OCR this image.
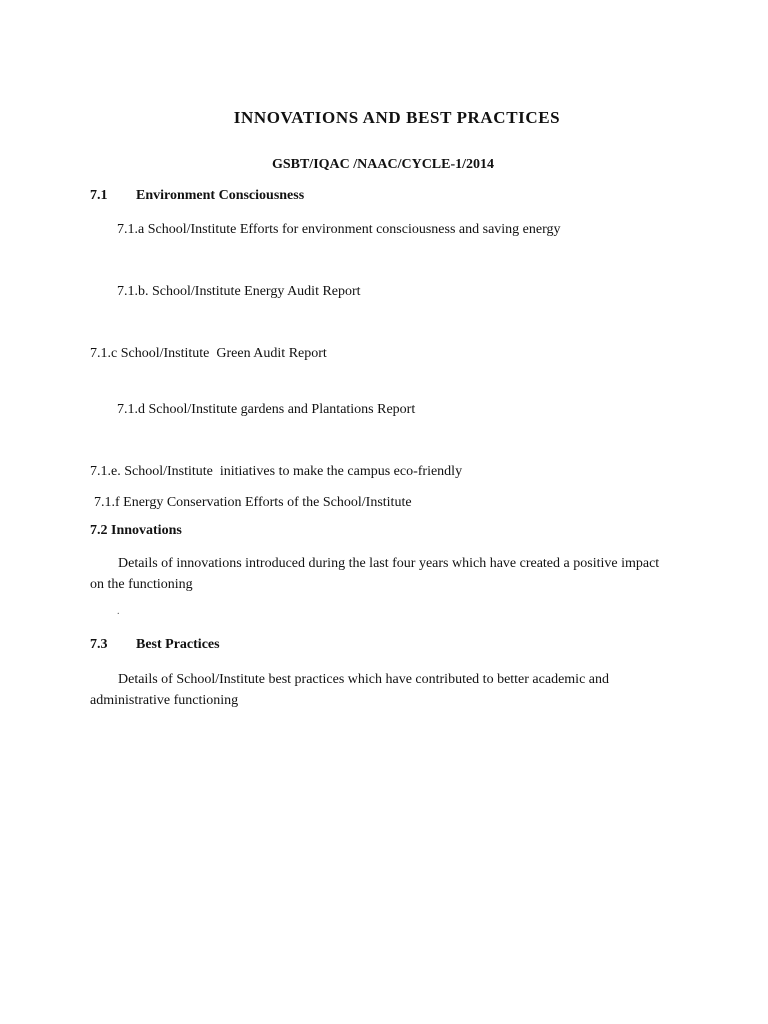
INNOVATIONS AND BEST PRACTICES
GSBT/IQAC /NAAC/CYCLE-1/2014
7.1 Environment Consciousness
7.1.a School/Institute Efforts for environment consciousness and saving energy
7.1.b. School/Institute Energy Audit Report
7.1.c School/Institute  Green Audit Report
7.1.d School/Institute gardens and Plantations Report
7.1.e. School/Institute  initiatives to make the campus eco-friendly
7.1.f Energy Conservation Efforts of the School/Institute
7.2 Innovations
Details of innovations introduced during the last four years which have created a positive impact on the functioning
.
7.3 Best Practices
Details of School/Institute best practices which have contributed to better academic and administrative functioning
